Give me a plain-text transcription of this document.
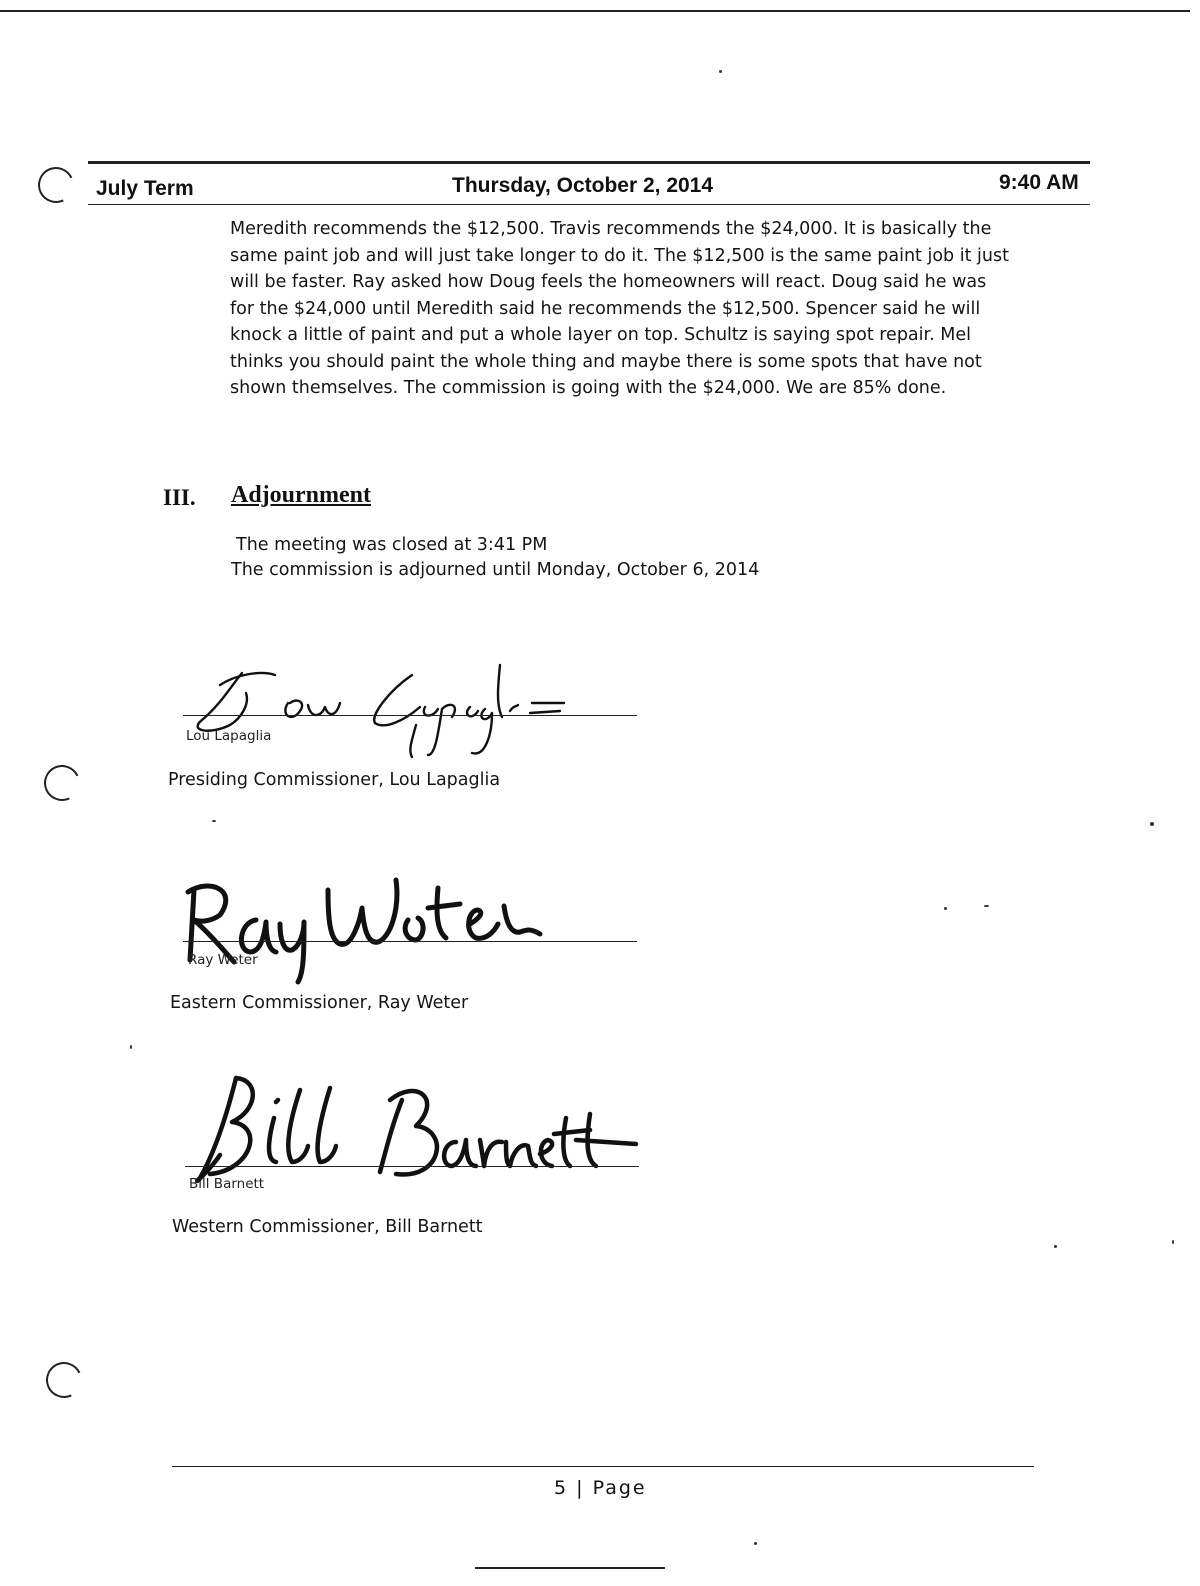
July Term	Thursday, October 2, 2014	9:40 AM
Meredith recommends the $12,500. Travis recommends the $24,000. It is basically the
same paint job and will just take longer to do it. The $12,500 is the same paint job it just
will be faster. Ray asked how Doug feels the homeowners will react. Doug said he was
for the $24,000 until Meredith said he recommends the $12,500. Spencer said he will
knock a little of paint and put a whole layer on top. Schultz is saying spot repair. Mel
thinks you should paint the whole thing and maybe there is some spots that have not
shown themselves. The commission is going with the $24,000. We are 85% done.
III. Adjournment
The meeting was closed at 3:41 PM
The commission is adjourned until Monday, October 6, 2014
Lou Lapaglia
Presiding Commissioner, Lou Lapaglia
Ray Weter
Eastern Commissioner, Ray Weter
Bill Barnett
Western Commissioner, Bill Barnett
5 | Page
